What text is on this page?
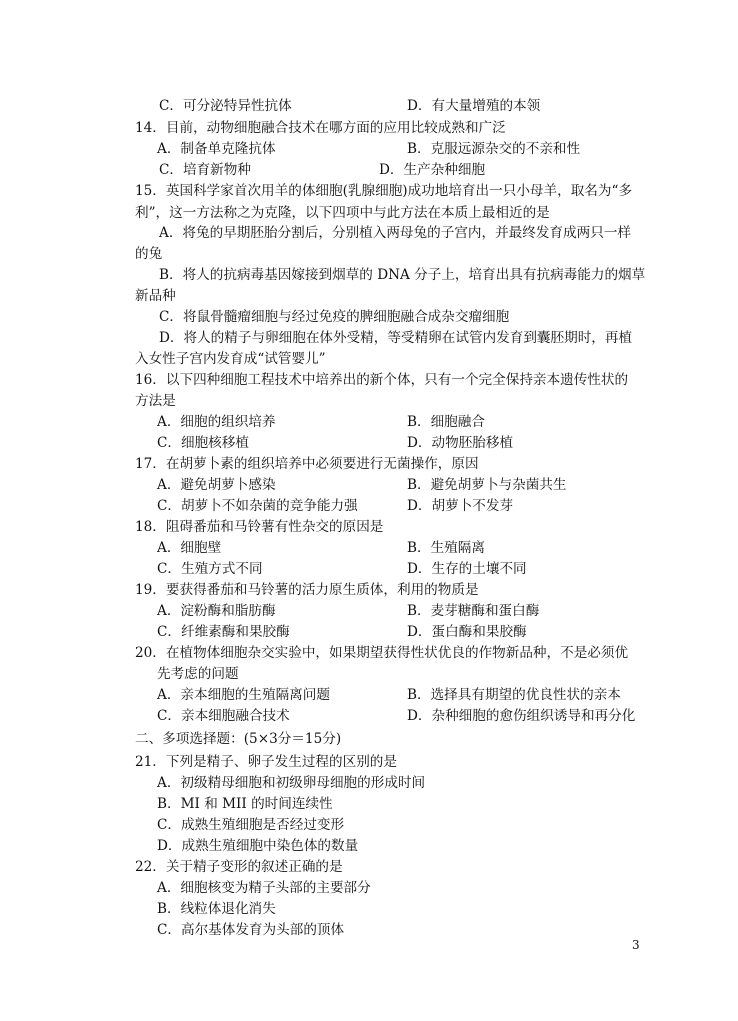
C．可分泌特异性抗体	D．有大量增殖的本领
14．目前，动物细胞融合技术在哪方面的应用比较成熟和广泛
A．制备单克隆抗体	B．克服远源杂交的不亲和性
C．培育新物种	D．生产杂种细胞
15．英国科学家首次用羊的体细胞(乳腺细胞)成功地培育出一只小母羊，取名为“多
利”，这一方法称之为克隆，以下四项中与此方法在本质上最相近的是
A．将兔的早期胚胎分割后，分别植入两母兔的子宫内，并最终发育成两只一样
的兔
B．将人的抗病毒基因嫁接到烟草的 DNA 分子上，培育出具有抗病毒能力的烟草
新品种
C．将鼠骨髓瘤细胞与经过免疫的脾细胞融合成杂交瘤细胞
D．将人的精子与卵细胞在体外受精，等受精卵在试管内发育到囊胚期时，再植
入女性子宫内发育成“试管婴儿”
16．以下四种细胞工程技术中培养出的新个体，只有一个完全保持亲本遗传性状的
方法是
A．细胞的组织培养	B．细胞融合
C．细胞核移植	D．动物胚胎移植
17．在胡萝卜素的组织培养中必须要进行无菌操作，原因
A．避免胡萝卜感染	B．避免胡萝卜与杂菌共生
C．胡萝卜不如杂菌的竞争能力强	D．胡萝卜不发芽
18．阻碍番茄和马铃薯有性杂交的原因是
A．细胞壁	B．生殖隔离
C．生殖方式不同	D．生存的土壤不同
19．要获得番茄和马铃薯的活力原生质体，利用的物质是
A．淀粉酶和脂肪酶	B．麦芽糖酶和蛋白酶
C．纤维素酶和果胶酶	D．蛋白酶和果胶酶
20．在植物体细胞杂交实验中，如果期望获得性状优良的作物新品种，不是必须优
先考虑的问题
A．亲本细胞的生殖隔离问题	B．选择具有期望的优良性状的亲本
C．亲本细胞融合技术	D．杂种细胞的愈伤组织诱导和再分化
二、多项选择题：(5×3分＝15分)
21．下列是精子、卵子发生过程的区别的是
A．初级精母细胞和初级卵母细胞的形成时间
B．MI 和 MII 的时间连续性
C．成熟生殖细胞是否经过变形
D．成熟生殖细胞中染色体的数量
22．关于精子变形的叙述正确的是
A．细胞核变为精子头部的主要部分
B．线粒体退化消失
C．高尔基体发育为头部的顶体
3
